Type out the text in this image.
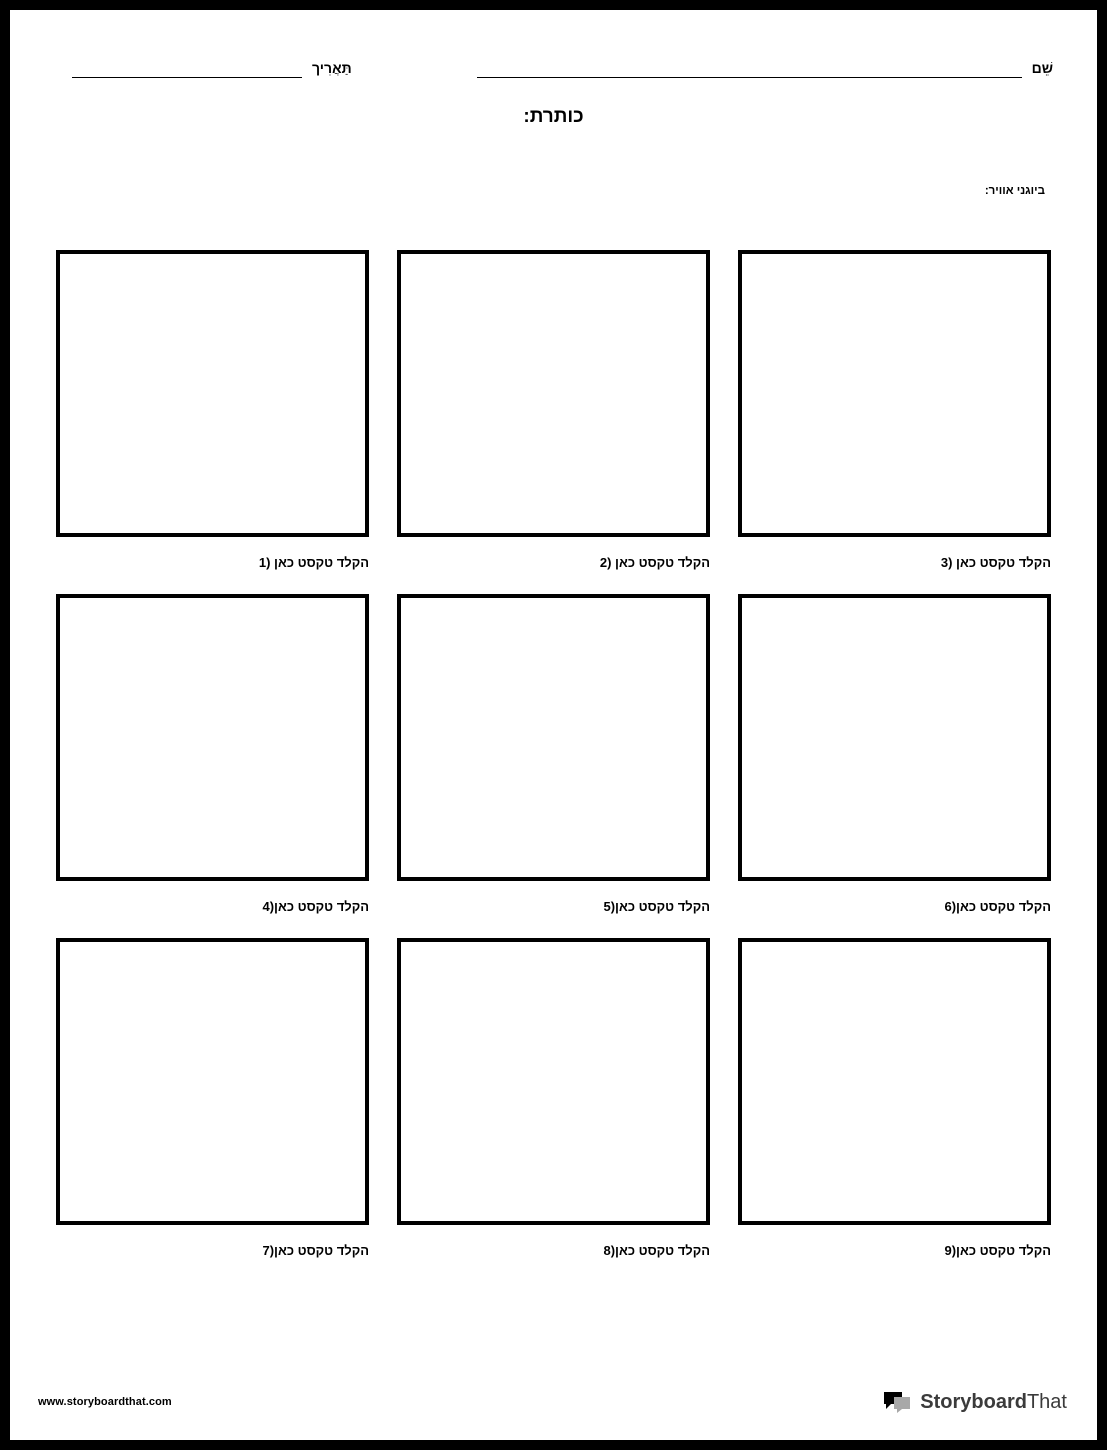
שֵׁם
תַּאֲרִיך
כותרת:
ביוגני אוויר:
הקלד טקסט כאן (1	הקלד טקסט כאן (2	הקלד טקסט כאן (3
הקלד טקסט כאן(4	הקלד טקסט כאן(5	הקלד טקסט כאן(6
הקלד טקסט כאן(7	הקלד טקסט כאן(8	הקלד טקסט כאן(9
www.storyboardthat.com	StoryboardThat
